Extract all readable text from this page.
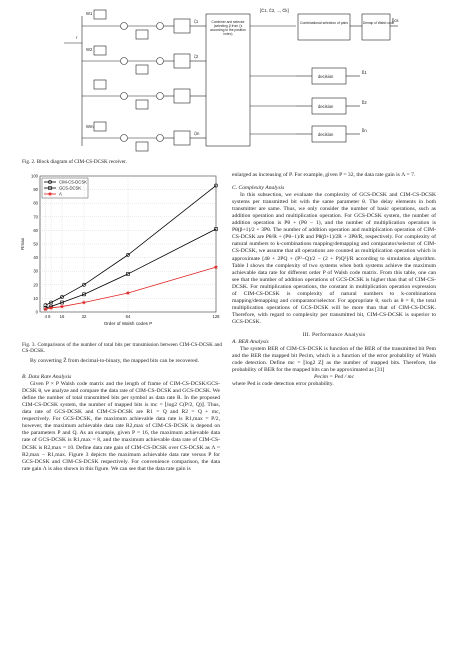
r
W1
W2
Wm
ζ1
ζ2
ζm
[Ĉ1, Ĉ2, ..., Ĉk]
Combinational selection of pairs	Demap of Walsh code
b̂cs
decision
decision
decision
b̂1
b̂2
b̂n
Combiner and selector (selecting β from ζs according to the position index)
Fig. 2. Block diagram of CIM-CS-DCSK receiver.
0
10
20
30
40
50
60
70
80
90
100
4 8 16	32	64	128
Order of Walsh codes P
Rmax
CIM-CS-DCSK
GCS-DCSK
Λ
Fig. 3. Comparisons of the number of total bits per transmission between CIM-CS-DCSK and CS-DCSK.

By converting Ẑ from decimal-to-binary, the mapped bits can be recovered.

B. Data Rate Analysis

Given P × P Walsh code matrix and the length of frame of CIM-CS-DCSK/GCS-DCSK θ, we analyze and compare the data rate of CIM-CS-DCSK and GCS-DCSK. We define the number of total transmitted bits per symbol as data rate R. In the proposed CIM-CS-DCSK system, the number of mapped bits is mc = ⌊log2 C(P/2, Q)⌋. Thus, data rate of GCS-DCSK and CIM-CS-DCSK are R1 = Q and R2 = Q + mc, respectively. For GCS-DCSK, the maximum achievable data rate is R1,max = P/2, however, the maximum achievable data rate R2,max of CIM-CS-DCSK is depend on the parameters P and Q. As an example, given P = 16, the maximum achievable data rate of GCS-DCSK is R1,max = 8, and the maximum achievable data rate of CIM-CS-DCSK is R2,max = 10. Define data rate gain of CIM-CS-DCSK over CS-DCSK as Λ = R2,max − R1,max. Figure 3 depicts the maximum achievable data rate versus P for GCS-DCSK and CIM-CS-DCSK respectively. For convenience comparison, the data rate gain Λ is also shown in this figure. We can see that the data rate gain is

enlarged as increasing of P. For example, given P = 32, the data rate gain is Λ = 7.

C. Complexity Analysis

In this subsection, we evaluate the complexity of GCS-DCSK and CIM-CS-DCSK systems per transmitted bit with the same parameter θ. The delay elements in both transmitter are same. Thus, we only consider the number of basic operations, such as addition operation and multiplication operation. For GCS-DCSK system, the number of addition operation is Pθ + (Pθ − 1), and the number of multiplication operation is Pθ(β+1)/2 + 3Pθ. The number of addition operation and multiplication operation of CIM-CS-DCSK are Pθ/R + (Pθ−1)/R and Pθ(β+1)/2R + 3Pθ/R, respectively. For complexity of natural numbers to k-combinations mapping/demapping and comparator/selector of CIM-CS-DCSK, we assume that all operations are counted as multiplication operation which is approximate [4θ + 2PQ + (P²−Q)/2 − (2 + P)Q²]/R according to simulation algorithm. Table I shows the complexity of two systems when both systems achieve the maximum achievable data rate for different order P of Walsh code matrix. From this table, one can see that the number of addition operations of GCS-DCSK is higher than that of CIM-CS-DCSK. For multiplication operations, the constant in multiplication operation expression of CIM-CS-DCSK is complexity of natural numbers to k-combinations mapping/demapping and comparator/selector. For appropriate θ, such as θ = 8, the total multiplication operations of GCS-DCSK will be more than that of CIM-CS-DCSK. Therefore, with regard to complexity per transmitted bit, CIM-CS-DCSK is superior to GCS-DCSK.

III. Performance Analysis

A. BER Analysis

The system BER of CIM-CS-DCSK is function of the BER of the transmitted bit Pem and the BER the mapped bit Pecim, which is a function of the error probability of Walsh code detection. Define mc = ⌊log2 Z⌋ as the number of mapped bits. Therefore, the probability of BER for the mapped bits can be approximated as [31]

Pecim = Ped / mc

where Ped is code detection error probability.
